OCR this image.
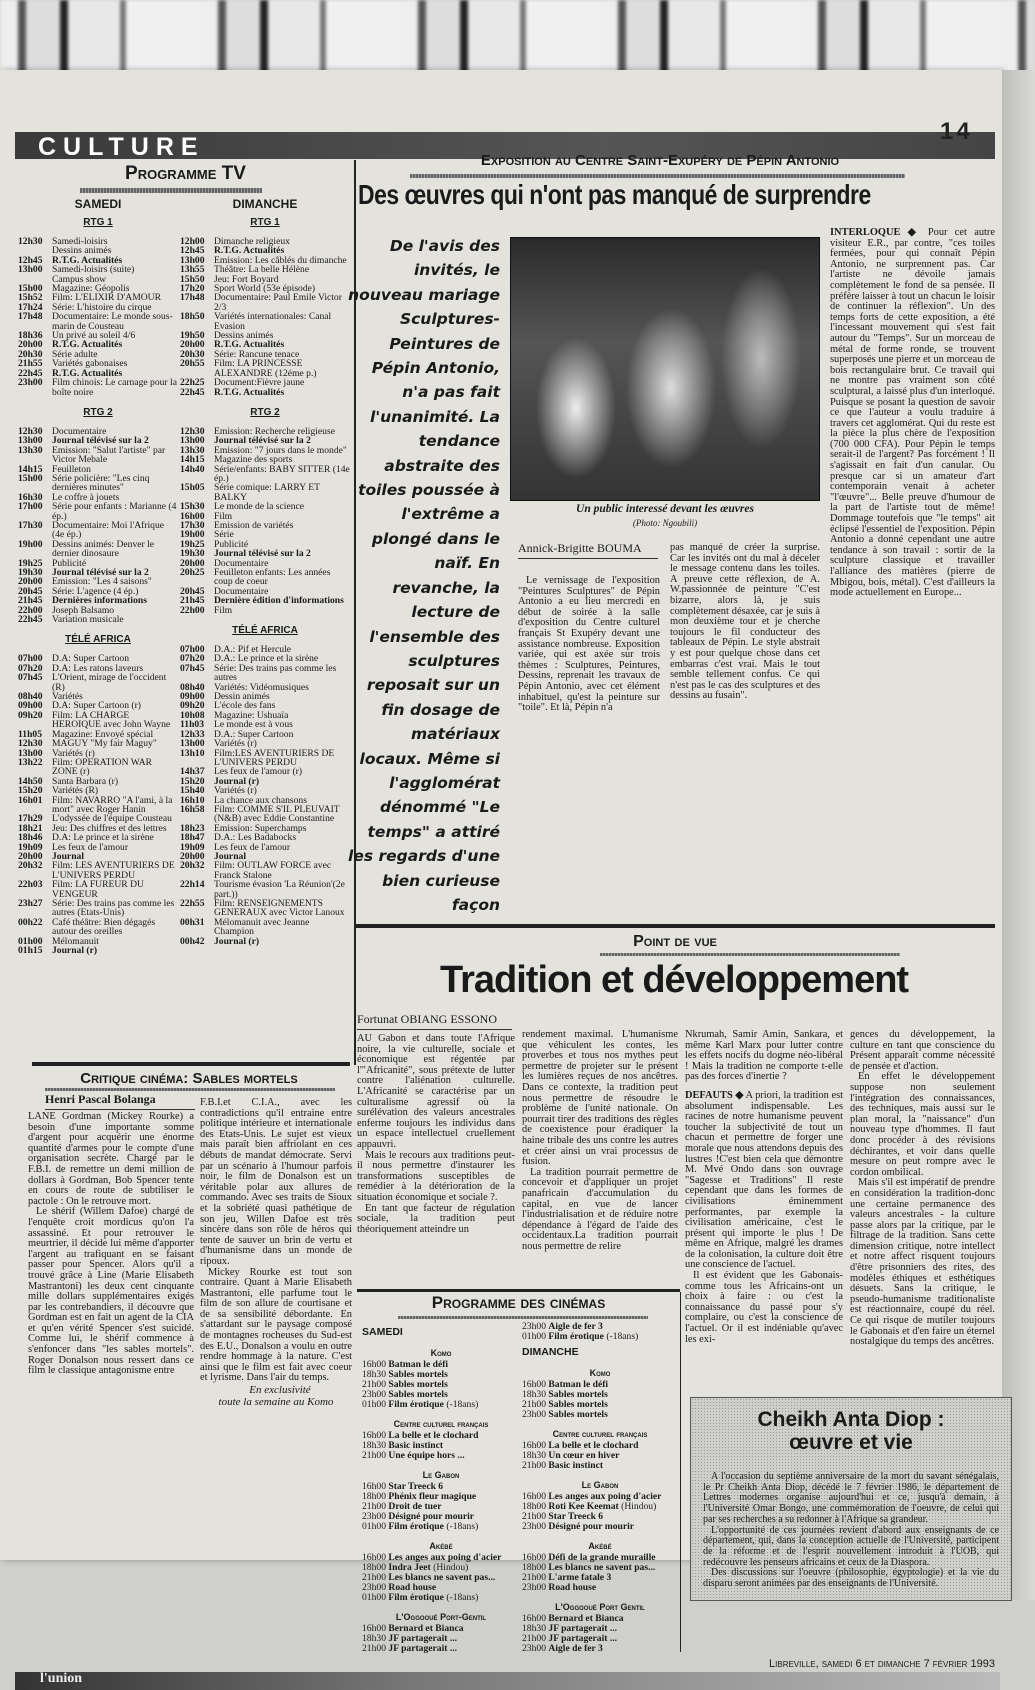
CULTURE
14
Programme TV
SAMEDI
RTG 1
12h30 Samedi-loisirs
Dessins animés
12h45 R.T.G. Actualités
13h00 Samedi-loisirs (suite)
Campus show
15h00 Magazine: Géopolis
15h52 Film: L'ELIXIR D'AMOUR
17h24 Série: L'histoire du cirque
17h48 Documentaire: Le monde sous-marin de Cousteau
18h36 Un privé au soleil 4/6
20h00 R.T.G. Actualités
20h30 Série adulte
21h55 Variétés gabonaises
22h45 R.T.G. Actualités
23h00 Film chinois: Le carnage pour la boîte noire
RTG 2
12h30 Documentaire
13h00 Journal télévisé sur la 2
13h30 Emission: "Salut l'artiste" par Victor Mebale
14h15 Feuilleton
15h00 Série policière: "Les cinq dernières minutes"
16h30 Le coffre à jouets
17h00 Série pour enfants : Marianne (4 ép.)
17h30 Documentaire: Moi l'Afrique (4e ép.)
19h00 Dessins animés: Denver le dernier dinosaure
19h25 Publicité
19h30 Journal télévisé sur la 2
20h00 Emission: "Les 4 saisons"
20h45 Série: L'agence (4 ép.)
21h45 Dernières informations
22h00 Joseph Balsamo
22h45 Variation musicale
TÉLÉ AFRICA
07h00 D.A: Super Cartoon
07h20 D.A: Les ratons laveurs
07h45 L'Orient, mirage de l'occident (R)
08h40 Variétés
09h00 D.A: Super Cartoon (r)
09h20 Film: LA CHARGE HEROIQUE avec John Wayne
11h05	Magazine: Envoyé spécial
12h30 MAGUY "My fair Maguy"
13h00 Variétés (r)
13h22 Film: OPERATION WAR ZONE (r)
14h50 Santa Barbara (r)
15h20 Variétés (R)
16h01 Film: NAVARRO "A l'ami, à la mort" avec Roger Hanin
17h29 L'odyssée de l'équipe Cousteau
18h21 Jeu: Des chiffres et des lettres
18h46 D.A: Le prince et la sirène
19h09 Les feux de l'amour
20h00 Journal
20h32 Film: LES AVENTURIERS DE L'UNIVERS PERDU
22h03 Film: LA FUREUR DU VENGEUR
23h27 Série: Des trains pas comme les autres (Etats-Unis)
00h22 Café théâtre: Bien dégagés autour des oreilles
01h00 Mélomanuit
01h15 Journal (r)
DIMANCHE
RTG 1
12h00 Dimanche religieux
12h45 R.T.G. Actualités
13h00 Emission: Les câblés du dimanche
13h55 Théâtre: La belle Hélène
15h50 Jeu: Fort Boyard
17h20 Sport World (53e épisode)
17h48 Documentaire: Paul Emile Victor 2/3
18h50 Variétés internationales: Canal Evasion
19h50 Dessins animés
20h00 R.T.G. Actualités
20h30 Série: Rancune tenace
20h55 Film: LA PRINCESSE ALEXANDRE (12éme p.)
22h25 Document:Fièvre jaune
22h45 R.T.G. Actualités
RTG 2
12h30 Emission: Recherche religieuse
13h00 Journal télévisé sur la 2
13h30 Emission: "7 jours dans le monde"
14h15 Magazine des sports
14h40 Série/enfants: BABY SITTER (14e ép.)
15h05 Série comique: LARRY ET BALKY
15h30 Le monde de la science
16h00 Film
17h30 Emission de variétés
19h00 Série
19h25 Publicité
19h30 Journal télévisé sur la 2
20h00 Documentaire
20h25 Feuilleton enfants: Les années coup de coeur
20h45 Documentaire
21h45 Dernière édition d'informations
22h00 Film
TÉLÉ AFRICA
07h00 D.A.: Pif et Hercule
07h20 D.A.: Le prince et la sirène
07h45 Série: Des trains pas comme les autres
08h40 Variétés: Vidéomusiques
09h00 Dessin animés
09h20 L'école des fans
10h08 Magazine: Ushuaïa
11h03	Le monde est à vous
12h33 D.A.: Super Cartoon
13h00 Variétés (r)
13h10 Film:LES AVENTURIERS DE L'UNIVERS PERDU
14h37 Les feux de l'amour (r)
15h20 Journal (r)
15h40 Variétés (r)
16h10 La chance aux chansons
16h58 Film: COMME S'IL PLEUVAIT (N&B) avec Eddie Constantine
18h23 Emission: Superchamps
18h47 D.A.: Les Badabocks
19h09 Les feux de l'amour
20h00 Journal
20h32 Film: OUTLAW FORCE avec Franck Stalone
22h14 Tourisme évasion 'La Réunion'(2e part.))
22h55 Film: RENSEIGNEMENTS GENERAUX avec Victor Lanoux
00h31 Mélomanuit avec Jeanne Champion
00h42 Journal (r)
Critique cinéma: Sables mortels
Henri Pascal Bolanga

LANE Gordman (Mickey Rourke) a besoin d'une importante somme d'argent pour acquérir une énorme quantité d'armes pour le compte d'une organisation secrète. Chargé par le F.B.I. de remettre un demi million de dollars à Gordman, Bob Spencer tente en cours de route de subtiliser le pactole : On le retrouve mort.

Le shérif (Willem Dafoe) chargé de l'enquête croit mordicus qu'on l'a assassiné. Et pour retrouver le meurtrier, il décide lui même d'apporter l'argent au trafiquant en se faisant passer pour Spencer. Alors qu'il a trouvé grâce à Line (Marie Elisabeth Mastrantoni) les deux cent cinquante mille dollars supplémentaires exigés par les contrebandiers, il découvre que Gordman est en fait un agent de la CIA et qu'en vérité Spencer s'est suicidé. Comme lui, le shérif commence à s'enfoncer dans "les sables mortels". Roger Donalson nous ressert dans ce film le classique antagonisme entre

F.B.I.et C.I.A., avec les contradictions qu'il entraine entre politique intérieure et internationale des Etats-Unis. Le sujet est vieux mais paraît bien affriolant en ces débuts de mandat démocrate. Servi par un scénario à l'humour parfois noir, le film de Donalson est un véritable polar aux allures de commando. Avec ses traits de Sioux et la sobriété quasi pathétique de son jeu, Willen Dafoe est très sincère dans son rôle de héros qui tente de sauver un brin de vertu et d'humanisme dans un monde de ripoux.

Mickey Rourke est tout son contraire. Quant à Marie Elisabeth Mastrantoni, elle parfume tout le film de son allure de courtisane et de sa sensibilité débordante. En s'attardant sur le paysage composé de montagnes rocheuses du Sud-est des E.U., Donalson a voulu en outre rendre hommage à la nature. C'est ainsi que le film est fait avec coeur et lyrisme. Dans l'air du temps.

En exclusivité

toute la semaine au Komo

Exposition au Centre Saint-Exupéry de Pépin Antonio
Des œuvres qui n'ont pas manqué de surprendre
De l'avis des invités, le nouveau mariage Sculptures-Peintures de Pépin Antonio, n'a pas fait l'unanimité. La tendance abstraite des toiles poussée à l'extrême a plongé dans le naïf. En revanche, la lecture de l'ensemble des sculptures reposait sur un fin dosage de matériaux locaux. Même si l'agglomérat dénommé "Le temps" a attiré les regards d'une bien curieuse façon
Un public interessé devant les œuvres
(Photo: Ngoubili)
Annick-Brigitte BOUMA

Le vernissage de l'exposition "Peintures Sculptures" de Pépin Antonio a eu lieu mercredi en début de soirée à la salle d'exposition du Centre culturel français St Exupéry devant une assistance nombreuse. Exposition variée, qui est axée sur trois thèmes : Sculptures, Peintures, Dessins, reprenait les travaux de Pépin Antonio, avec cet élément inhabituel, qu'est la peinture sur "toile". Et là, Pépin n'a

pas manqué de créer la surprise. Car les invités ont du mal à déceler le message contenu dans les toiles. A preuve cette réflexion, de A. W.passionnée de peinture "C'est bizarre, alors là, je suis complètement désaxée, car je suis à mon deuxième tour et je cherche toujours le fil conducteur des tableaux de Pépin. Le style abstrait y est pour quelque chose dans cet embarras c'est vrai. Mais le tout semble tellement confus. Ce qui n'est pas le cas des sculptures et des dessins au fusain".

INTERLOQUE ◆ Pour cet autre visiteur E.R., par contre, "ces toiles fermées, pour qui connaît Pépin Antonio, ne surprennent pas. Car l'artiste ne dévoile jamais complètement le fond de sa pensée. Il préfère laisser à tout un chacun le loisir de continuer la réflexion". Un des temps forts de cette exposition, a été l'incessant mouvement qui s'est fait autour du "Temps". Sur un morceau de métal de forme ronde, se trouvent superposés une pierre et un morceau de bois rectangulaire brut. Ce travail qui ne montre pas vraiment son côté sculptural, a laissé plus d'un interloqué. Puisque se posant la question de savoir ce que l'auteur a voulu traduire à travers cet agglomérat. Qui du reste est la pièce la plus chère de l'exposition (700 000 CFA). Pour Pépin le temps serait-il de l'argent? Pas forcément ! Il s'agissait en fait d'un canular. Ou presque car si un amateur d'art contemporain venait à acheter "l'œuvre"... Belle preuve d'humour de la part de l'artiste tout de même! Dommage toutefois que "le temps" ait éclipsé l'essentiel de l'exposition. Pépin Antonio a donné cependant une autre tendance à son travail : sortir de la sculpture classique et travailler l'alliance des matières (pierre de Mbigou, bois, métal). C'est d'ailleurs la mode actuellement en Europe...

Point de vue
Tradition et développement
Fortunat OBIANG ESSONO

AU Gabon et dans toute l'Afrique noire, la vie culturelle, sociale et économique est régentée par l'"Africanité", sous prétexte de lutter contre l'aliénation culturelle. L'Africanité se caractérise par un culturalisme agressif où la surélévation des valeurs ancestrales enferme toujours les individus dans un espace intellectuel cruellement appauvri.

Mais le recours aux traditions peut-il nous permettre d'instaurer les transformations susceptibles de remédier à la détérioration de la situation économique et sociale ?.

En tant que facteur de régulation sociale, la tradition peut théoriquement atteindre un

rendement maximal. L'humanisme que véhiculent les contes, les proverbes et tous nos mythes peut permettre de projeter sur le présent les lumières reçues de nos ancêtres. Dans ce contexte, la tradition peut nous permettre de résoudre le problème de l'unité nationale. On pourrait tirer des traditions des règles de coexistence pour éradiquer la haine tribale des uns contre les autres et créer ainsi un vrai processus de fusion.

La tradition pourrait permettre de concevoir et d'appliquer un projet panafricain d'accumulation du capital, en vue de lancer l'industrialisation et de réduire notre dépendance à l'égard de l'aide des occidentaux.La tradition pourrait nous permettre de relire

Nkrumah, Samir Amin, Sankara, et même Karl Marx pour lutter contre les effets nocifs du dogme néo-libéral ! Mais la tradition ne comporte t-elle pas des forces d'inertie ?

DEFAUTS ◆ A priori, la tradition est absolument indispensable. Les racines de notre humanisme peuvent toucher la subjectivité de tout un chacun et permettre de forger une morale que nous attendons depuis des lustres !C'est bien cela que démontre M. Mvé Ondo dans son ouvrage "Sagesse et Traditions" Il reste cependant que dans les formes de civilisations éminemment performantes, par exemple la civilisation américaine, c'est le présent qui importe le plus ! De même en Afrique, malgré les drames de la colonisation, la culture doit être une conscience de l'actuel.

Il est évident que les Gabonais-comme tous les Africains-ont un choix à faire : ou c'est la connaissance du passé pour s'y complaire, ou c'est la conscience de l'actuel. Or il est indéniable qu'avec les exi-

gences du développement, la culture en tant que conscience du Présent apparaît comme nécessité de pensée et d'action.

En effet le développement suppose non seulement l'intégration des connaissances, des techniques, mais aussi sur le plan moral, la "naissance" d'un nouveau type d'hommes. Il faut donc procéder à des révisions déchirantes, et voir dans quelle mesure on peut rompre avec le cordon ombilical.

Mais s'il est impératif de prendre en considération la tradition-donc une certaine permanence des valeurs ancestrales - la culture passe alors par la critique, par le filtrage de la tradition. Sans cette dimension critique, notre intellect et notre affect risquent toujours d'être prisonniers des rites, des modèles éthiques et esthétiques désuets. Sans la critique, le pseudo-humanisme traditionaliste est réactionnaire, coupé du réel. Ce qui risque de mutiler toujours le Gabonais et d'en faire un éternel nostalgique du temps des ancêtres.

Programme des cinémas
SAMEDI
Komo
16h00 Batman le défi
18h30 Sables mortels
21h00 Sables mortels
23h00 Sables mortels
01h00 Film érotique (-18ans)
Centre culturel français
16h00 La belle et le clochard
18h30 Basic instinct
21h00 Une équipe hors ...
Le Gabon
16h00 Star Treeck 6
18h00 Phénix fleur magique
21h00 Droit de tuer
23h00 Désigné pour mourir
01h00 Film érotique (-18ans)
Akébé
16h00 Les anges aux poing d'acier
18h00 Indra Jeet (Hindou)
21h00 Les blancs ne savent pas...
23h00 Road house
01h00 Film érotique (-18ans)
L'Oggooué Port-Gentil
16h00 Bernard et Bianca
18h30 JF partagerait ...
21h00 JF partagerait ...
23h00 Aigle de fer 3
01h00 Film érotique (-18ans)
DIMANCHE
Komo
16h00 Batman le défi
18h30 Sables mortels
21h00 Sables mortels
23h00 Sables mortels
Centre culturel français
16h00 La belle et le clochard
18h30 Un cœur en hiver
21h00 Basic instinct
Le Gabon
16h00 Les anges aux poing d'acier
18h00 Roti Kee Keemat (Hindou)
21h00 Star Treeck 6
23h00 Désigné pour mourir
Akébé
16h00 Défi de la grande muraille
18h00 Les blancs ne savent pas...
21h00 L'arme fatale 3
23h00 Road house
L'Oggooué Port Gentil
16h00 Bernard et Bianca
18h30 JF partagerait ...
21h00 JF partagerait ...
23h00 Aigle de fer 3
Cheikh Anta Diop :
œuvre et vie

A l'occasion du septième anniversaire de la mort du savant sénégalais, le Pr Cheikh Anta Diop, décédé le 7 février 1986, le département de Lettres modernes organise aujourd'hui et ce, jusqu'à demain, à l'Université Omar Bongo, une commémoration de l'oeuvre, de celui qui par ses recherches a su redonner à l'Afrique sa grandeur.

L'opportunité de ces journées revient d'abord aux enseignants de ce département, qui, dans la conception actuelle de l'Université, participent de la réforme et de l'esprit nouvellement introduit à l'UOB, qui redécouvre les penseurs africains et ceux de la Diaspora.

Des discussions sur l'oeuvre (philosophie, égyptologie) et la vie du disparu seront animées par des enseignants de l'Université.

l'union
Libreville, samedi 6 et dimanche 7 février 1993
